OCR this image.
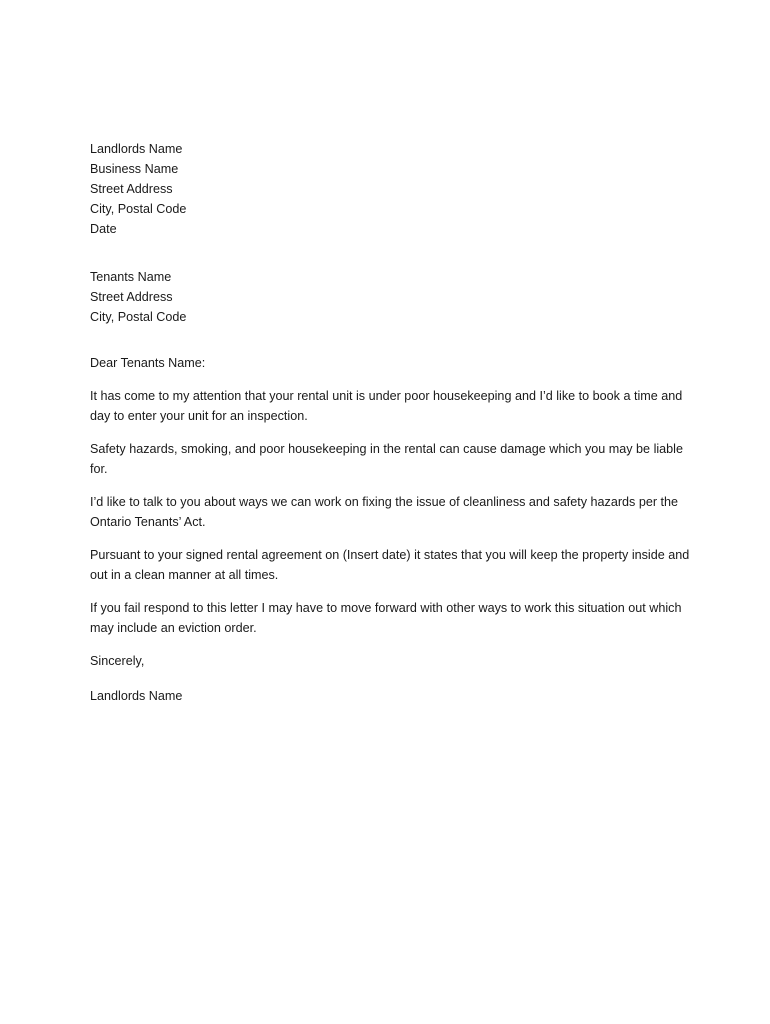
Landlords Name
Business Name
Street Address
City, Postal Code
Date
Tenants Name
Street Address
City, Postal Code
Dear Tenants Name:

It has come to my attention that your rental unit is under poor housekeeping and I’d like to book a time and day to enter your unit for an inspection.

Safety hazards, smoking, and poor housekeeping in the rental can cause damage which you may be liable for.

I’d like to talk to you about ways we can work on fixing the issue of cleanliness and safety hazards per the Ontario Tenants’ Act.

Pursuant to your signed rental agreement on (Insert date) it states that you will keep the property inside and out in a clean manner at all times.

If you fail respond to this letter I may have to move forward with other ways to work this situation out which may include an eviction order.

Sincerely,
Landlords Name
